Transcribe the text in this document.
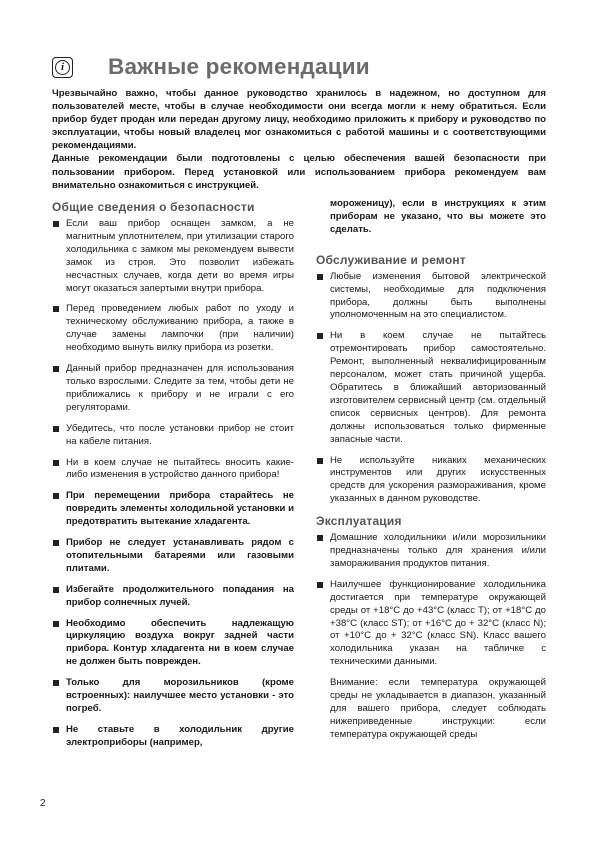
i Важные рекомендации

Чрезвычайно важно, чтобы данное руководство хранилось в надежном, но доступном для пользователей месте, чтобы в случае необходимости они всегда могли к нему обратиться. Если прибор будет продан или передан другому лицу, необходимо приложить к прибору и руководство по эксплуатации, чтобы новый владелец мог ознакомиться с работой машины и с соответствующими рекомендациями.

Данные рекомендации были подготовлены с целью обеспечения вашей безопасности при пользовании прибором. Перед установкой или использованием прибора рекомендуем вам внимательно ознакомиться с инструкцией.

Общие сведения о безопасности
Если ваш прибор оснащен замком, а не магнитным уплотнителем, при утилизации старого холодильника с замком мы рекомендуем вывести замок из строя. Это позволит избежать несчастных случаев, когда дети во время игры могут оказаться запертыми внутри прибора.
Перед проведением любых работ по уходу и техническому обслуживанию прибора, а также в случае замены лампочки (при наличии) необходимо вынуть вилку прибора из розетки.
Данный прибор предназначен для использования только взрослыми. Следите за тем, чтобы дети не приближались к прибору и не играли с его регуляторами.
Убедитесь, что после установки прибор не стоит на кабеле питания.
Ни в коем случае не пытайтесь вносить какие-либо изменения в устройство данного прибора!
При перемещении прибора старайтесь не повредить элементы холодильной установки и предотвратить вытекание хладагента.
Прибор не следует устанавливать рядом с отопительными батареями или газовыми плитами.
Избегайте продолжительного попадания на прибор солнечных лучей.
Необходимо обеспечить надлежащую циркуляцию воздуха вокруг задней части прибора. Контур хладагента ни в коем случае не должен быть поврежден.
Только для морозильников (кроме встроенных): наилучшее место установки - это погреб.
Не ставьте в холодильник другие электроприборы (например,

мороженицу), если в инструкциях к этим приборам не указано, что вы можете это сделать.

Обслуживание и ремонт
Любые изменения бытовой электрической системы, необходимые для подключения прибора, должны быть выполнены уполномоченным на это специалистом.
Ни в коем случае не пытайтесь отремонтировать прибор самостоятельно. Ремонт, выполненный неквалифицированным персоналом, может стать причиной ущерба. Обратитесь в ближайший авторизованный изготовителем сервисный центр (см. отдельный список сервисных центров). Для ремонта должны использоваться только фирменные запасные части.
Не используйте никаких механических инструментов или других искусственных средств для ускорения размораживания, кроме указанных в данном руководстве.
Эксплуатация
Домашние холодильники и/или морозильники предназначены только для хранения и/или замораживания продуктов питания.
Наилучшее функционирование холодильника достигается при температуре окружающей среды от +18°C до +43°C (класс T); от +18°C до +38°C (класс ST); от +16°C до + 32°C (класс N); от +10°C до + 32°C (класс SN). Класс вашего холодильника указан на табличке с техническими данными.

Внимание: если температура окружающей среды не укладывается в диапазон, указанный для вашего прибора, следует соблюдать нижеприведенные инструкции: если температура окружающей среды

2
